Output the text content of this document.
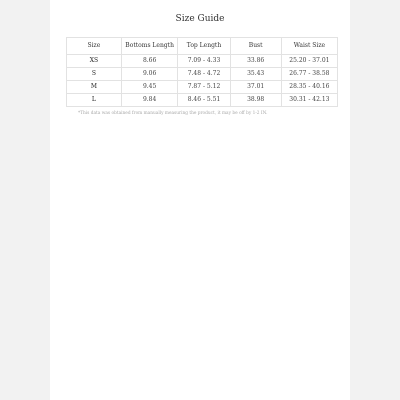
Size Guide
Size	Bottoms Length	Top Length	Bust	Waist Size
XS	8.66	7.09 - 4.33	33.86	25.20 - 37.01
S	9.06	7.48 - 4.72	35.43	26.77 - 38.58
M	9.45	7.87 - 5.12	37.01	28.35 - 40.16
L	9.84	8.46 - 5.51	38.98	30.31 - 42.13
*This data was obtained from manually measuring the product, it may be off by 1-2 IN.
